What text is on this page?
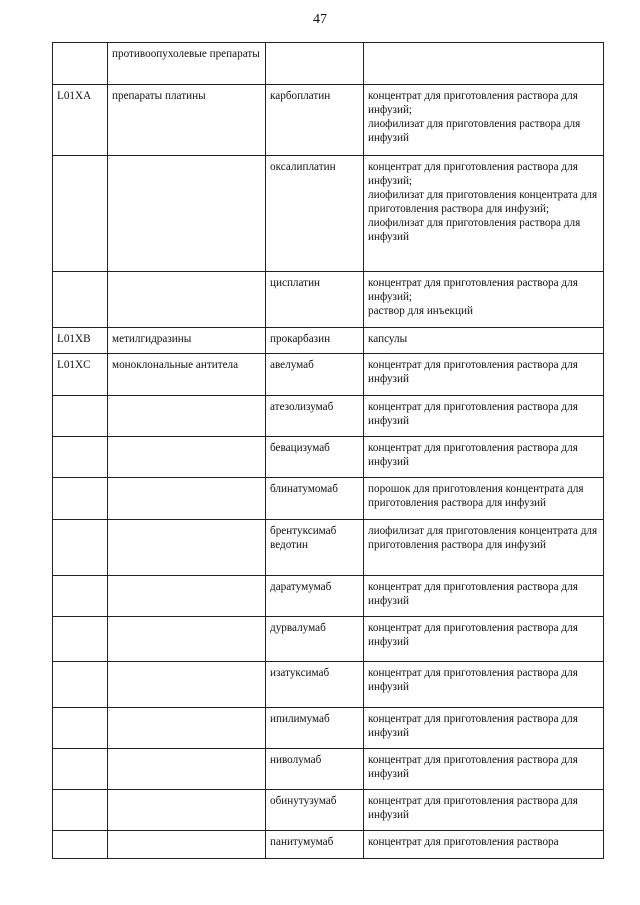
47
	противоопухолевые препараты		
L01XA	препараты платины	карбоплатин	концентрат для приготовления раствора для инфузий;
лиофилизат для приготовления раствора для инфузий

		оксалиплатин	концентрат для приготовления раствора для инфузий;
лиофилизат для приготовления концентрата для приготовления раствора для инфузий;
лиофилизат для приготовления раствора для инфузий

		цисплатин	концентрат для приготовления раствора для инфузий;
раствор для инъекций

L01XB	метилгидразины	прокарбазин	капсулы

L01XC	моноклональные антитела	авелумаб	концентрат для приготовления раствора для инфузий

		атезолизумаб	концентрат для приготовления раствора для инфузий

		бевацизумаб	концентрат для приготовления раствора для инфузий

		блинатумомаб	порошок для приготовления концентрата для приготовления раствора для инфузий

		брентуксимаб ведотин	лиофилизат для приготовления концентрата для приготовления раствора для инфузий

		даратумумаб	концентрат для приготовления раствора для инфузий

		дурвалумаб	концентрат для приготовления раствора для инфузий

		изатуксимаб	концентрат для приготовления раствора для инфузий

		ипилимумаб	концентрат для приготовления раствора для инфузий

		ниволумаб	концентрат для приготовления раствора для инфузий

		обинутузумаб	концентрат для приготовления раствора для инфузий

		панитумумаб	концентрат для приготовления раствора
